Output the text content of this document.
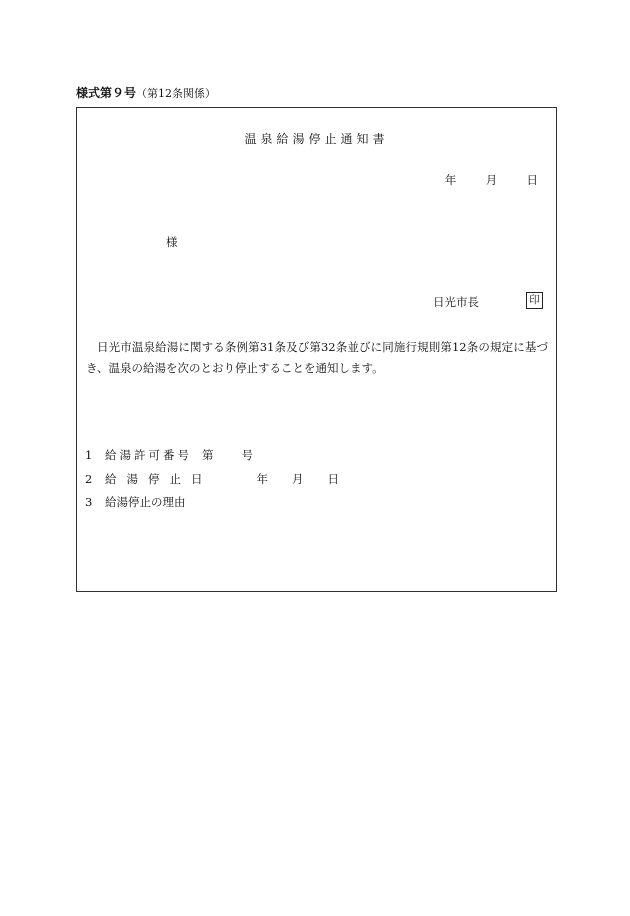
様式第９号（第12条関係）
温泉給湯停止通知書
年	月	日
様
日光市長	印
日光市温泉給湯に関する条例第31条及び第32条並びに同施行規則第12条の規定に基づき、温泉の給湯を次のとおり停止することを通知します。
1 給湯許可番号 第 号
2 給湯停止日	年 月 日
3 給湯停止の理由
